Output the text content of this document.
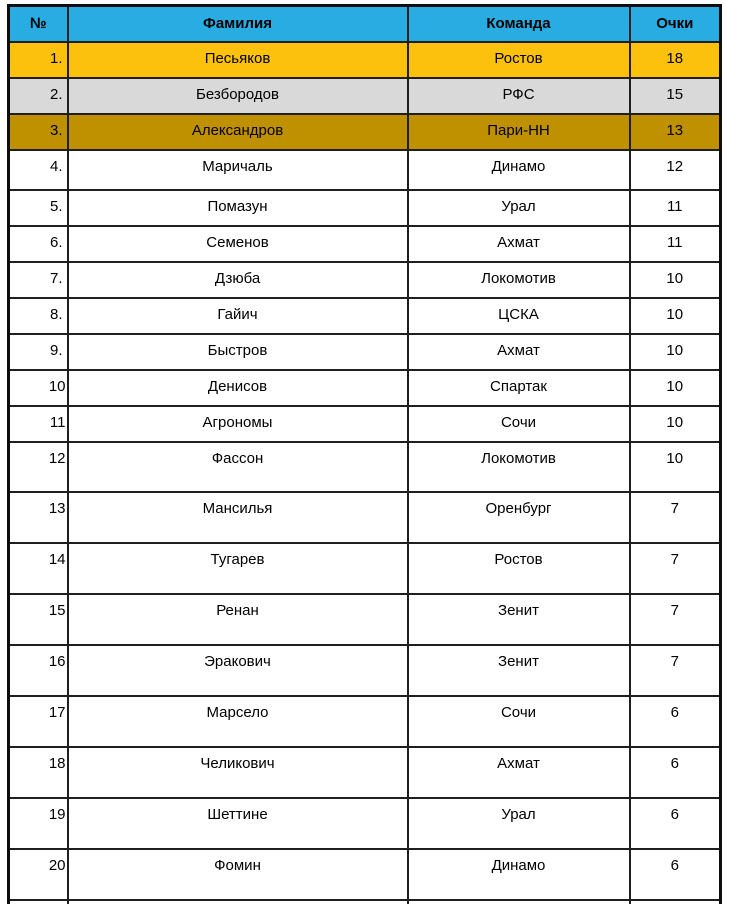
№	Фамилия	Команда	Очки
1.	Песьяков	Ростов	18
2.	Безбородов	РФС	15
3.	Александров	Пари-НН	13
4.	Маричаль	Динамо	12
5.	Помазун	Урал	11
6.	Семенов	Ахмат	11
7.	Дзюба	Локомотив	10
8.	Гайич	ЦСКА	10
9.	Быстров	Ахмат	10
10	Денисов	Спартак	10
11	Агрономы	Сочи	10
12	Фассон	Локомотив	10
13	Мансилья	Оренбург	7
14	Тугарев	Ростов	7
15	Ренан	Зенит	7
16	Эракович	Зенит	7
17	Марсело	Сочи	6
18	Челикович	Ахмат	6
19	Шеттине	Урал	6
20	Фомин	Динамо	6
